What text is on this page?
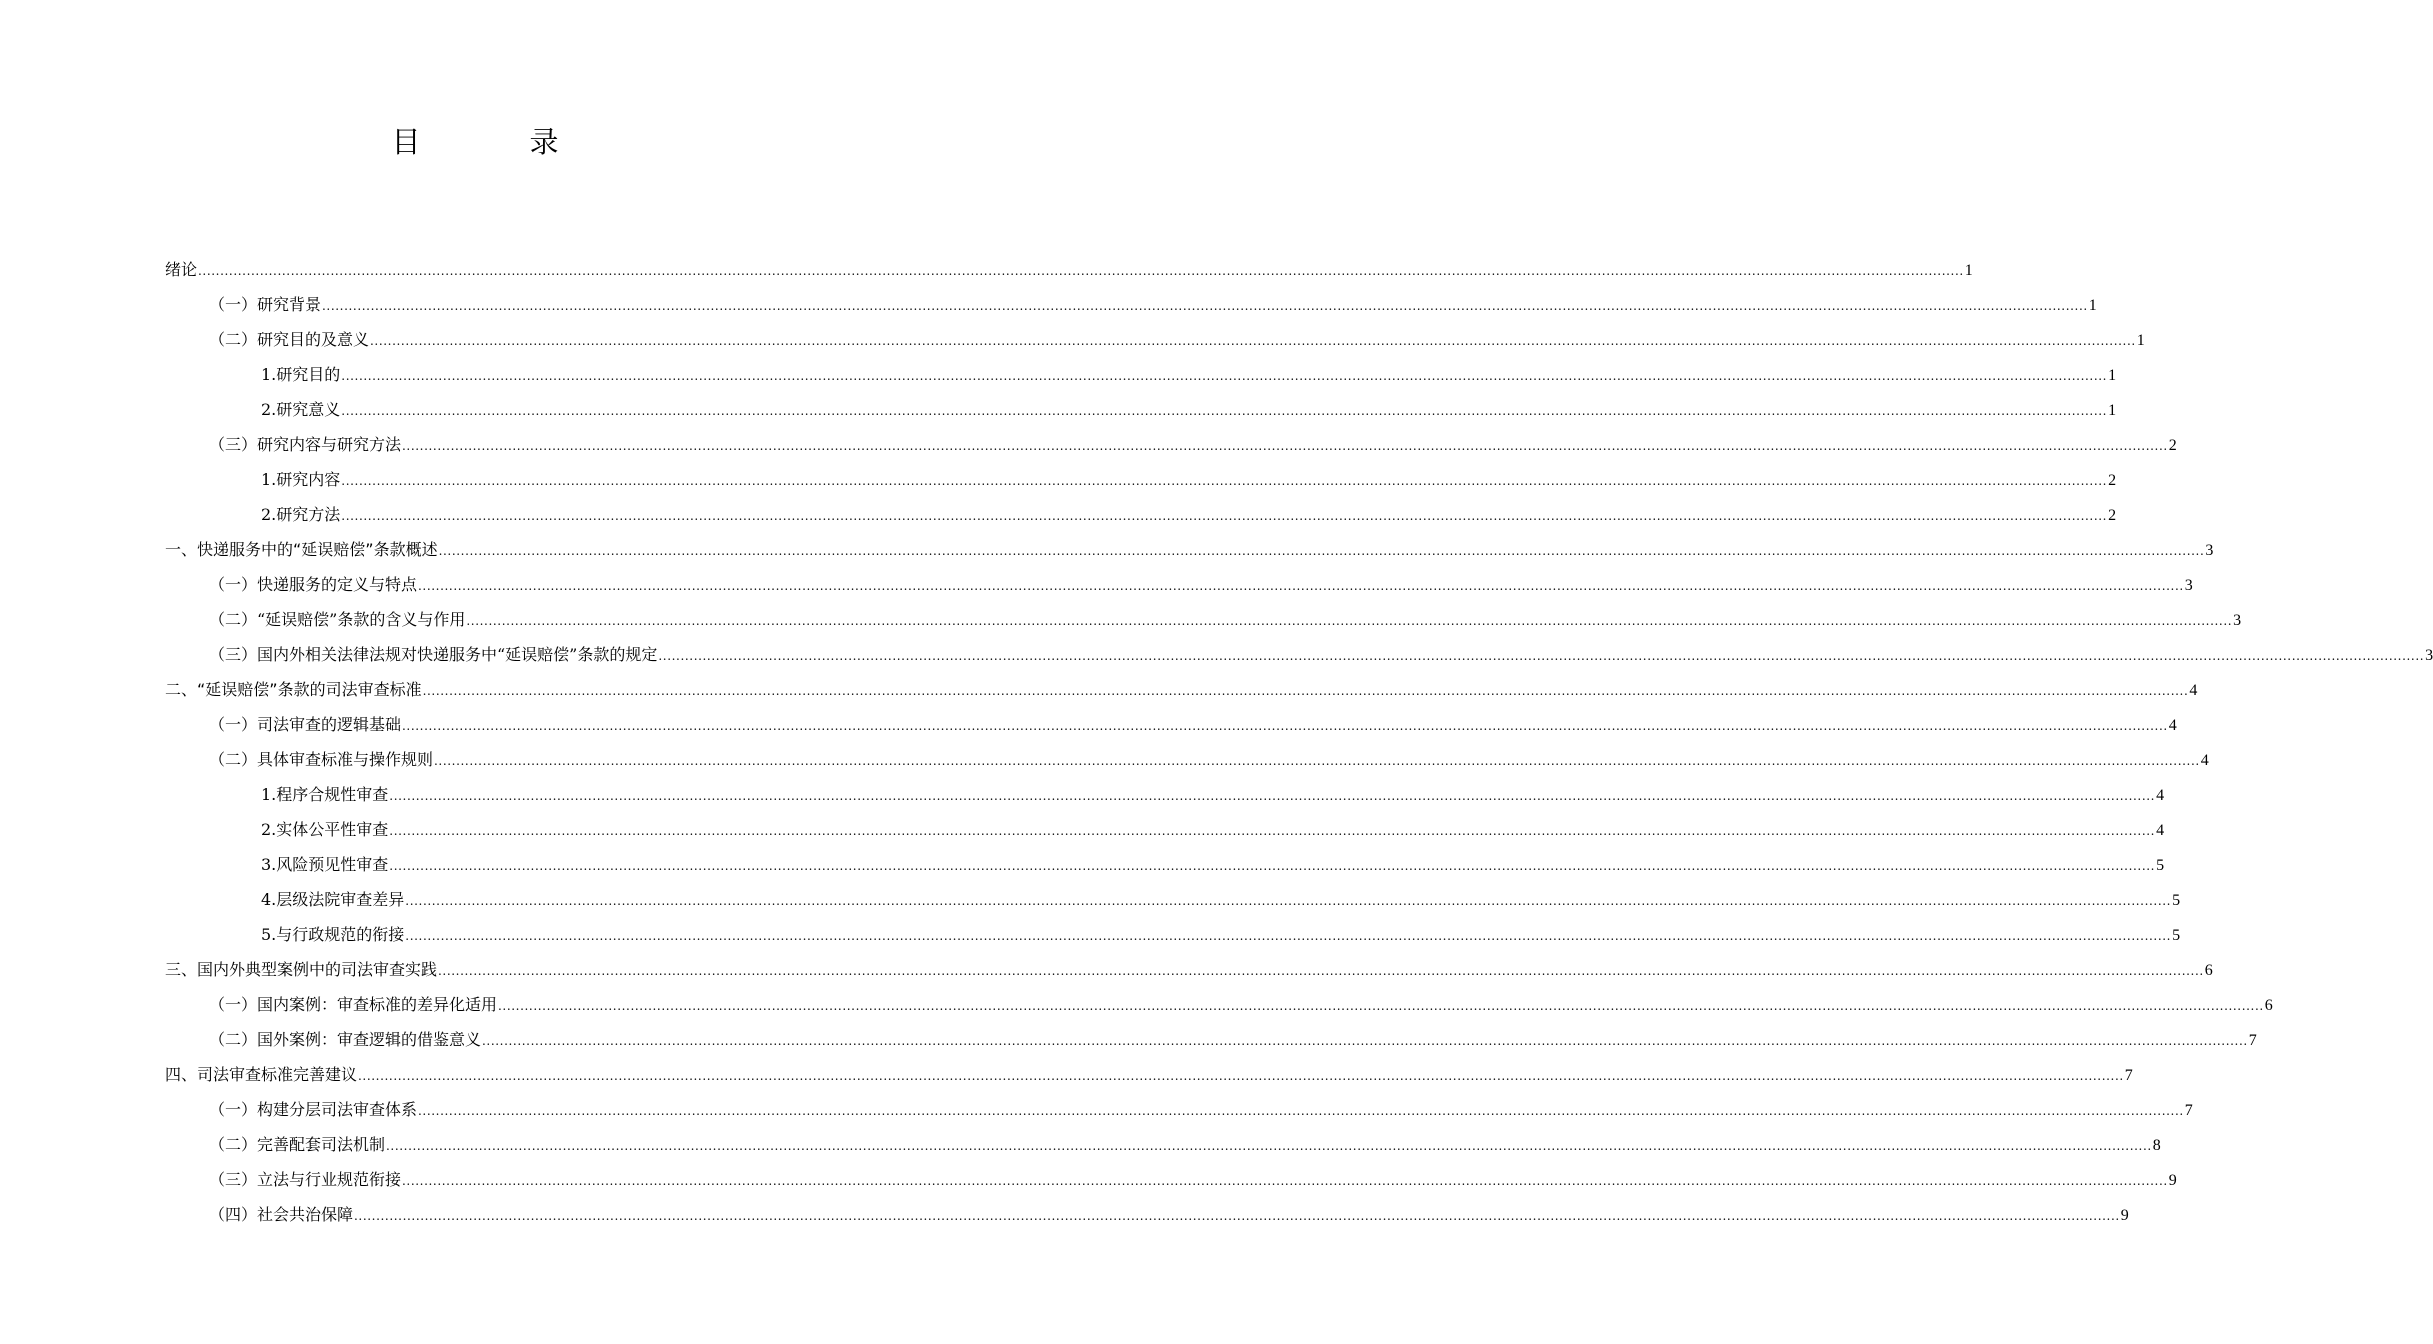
目　录
绪论 ................................................................................................................................................................................................................................................................................................................................................................................................................ 1
（一）研究背景 ................................................................................................................................................................................................................................................................................................................................................................................................................ 1
（二）研究目的及意义 ................................................................................................................................................................................................................................................................................................................................................................................................................ 1
1.研究目的 ................................................................................................................................................................................................................................................................................................................................................................................................................ 1
2.研究意义 ................................................................................................................................................................................................................................................................................................................................................................................................................ 1
（三）研究内容与研究方法 ................................................................................................................................................................................................................................................................................................................................................................................................................ 2
1.研究内容 ................................................................................................................................................................................................................................................................................................................................................................................................................ 2
2.研究方法 ................................................................................................................................................................................................................................................................................................................................................................................................................ 2
一、快递服务中的“延误赔偿”条款概述 ................................................................................................................................................................................................................................................................................................................................................................................................................ 3
（一）快递服务的定义与特点 ................................................................................................................................................................................................................................................................................................................................................................................................................ 3
（二）“延误赔偿”条款的含义与作用 ................................................................................................................................................................................................................................................................................................................................................................................................................ 3
（三）国内外相关法律法规对快递服务中“延误赔偿”条款的规定 ................................................................................................................................................................................................................................................................................................................................................................................................................ 3
二、“延误赔偿”条款的司法审查标准 ................................................................................................................................................................................................................................................................................................................................................................................................................ 4
（一）司法审查的逻辑基础 ................................................................................................................................................................................................................................................................................................................................................................................................................ 4
（二）具体审查标准与操作规则 ................................................................................................................................................................................................................................................................................................................................................................................................................ 4
1.程序合规性审查 ................................................................................................................................................................................................................................................................................................................................................................................................................ 4
2.实体公平性审查 ................................................................................................................................................................................................................................................................................................................................................................................................................ 4
3.风险预见性审查 ................................................................................................................................................................................................................................................................................................................................................................................................................ 5
4.层级法院审查差异 ................................................................................................................................................................................................................................................................................................................................................................................................................ 5
5.与行政规范的衔接 ................................................................................................................................................................................................................................................................................................................................................................................................................ 5
三、国内外典型案例中的司法审查实践 ................................................................................................................................................................................................................................................................................................................................................................................................................ 6
（一）国内案例：审查标准的差异化适用 ................................................................................................................................................................................................................................................................................................................................................................................................................ 6
（二）国外案例：审查逻辑的借鉴意义 ................................................................................................................................................................................................................................................................................................................................................................................................................ 7
四、司法审查标准完善建议 ................................................................................................................................................................................................................................................................................................................................................................................................................ 7
（一）构建分层司法审查体系 ................................................................................................................................................................................................................................................................................................................................................................................................................ 7
（二）完善配套司法机制 ................................................................................................................................................................................................................................................................................................................................................................................................................ 8
（三）立法与行业规范衔接 ................................................................................................................................................................................................................................................................................................................................................................................................................ 9
（四）社会共治保障 ................................................................................................................................................................................................................................................................................................................................................................................................................ 9
